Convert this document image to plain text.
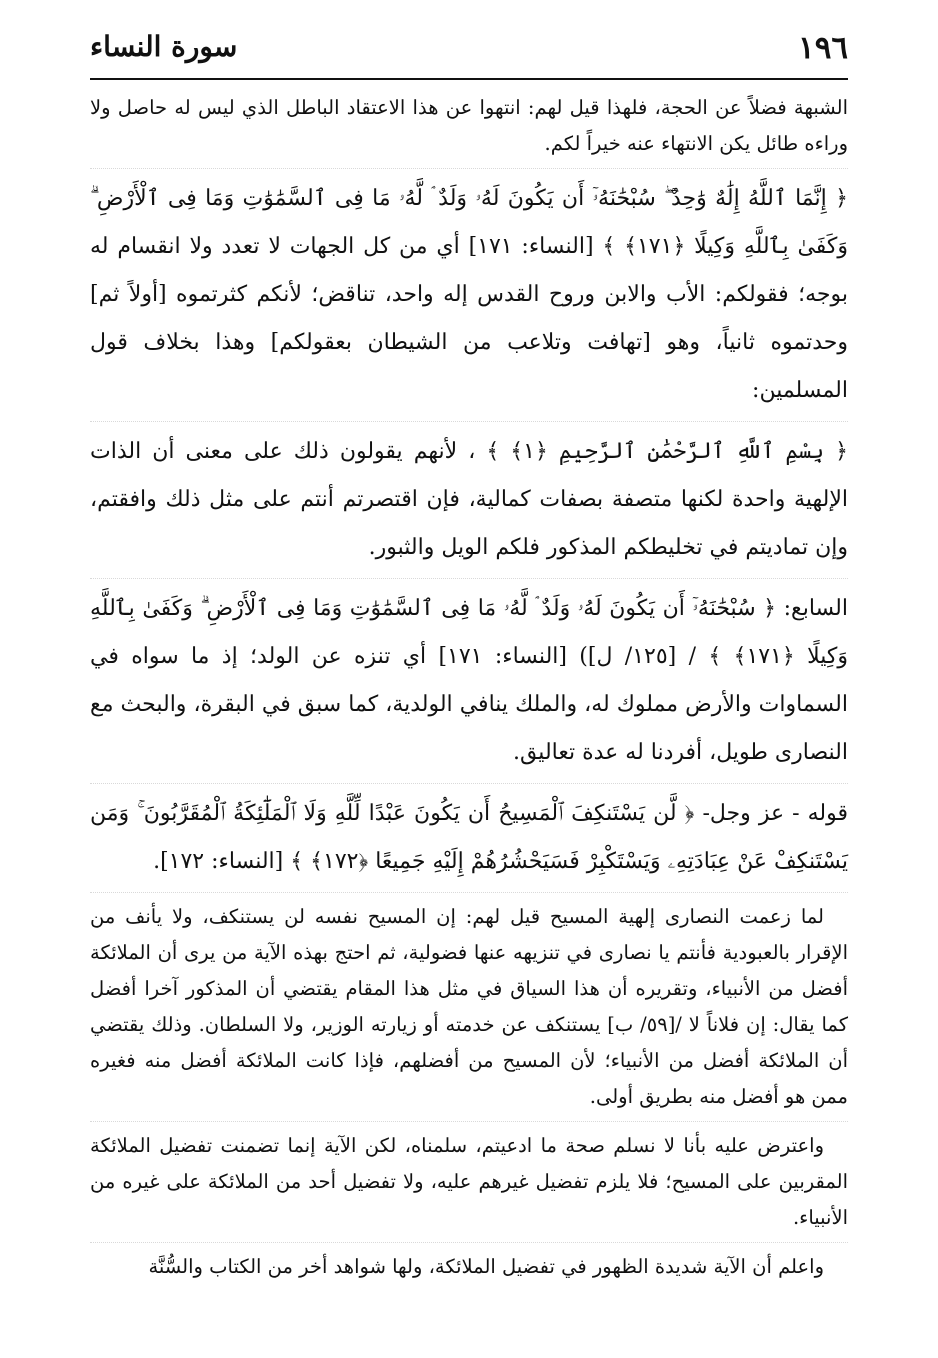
١٩٦
سورة النساء

الشبهة فضلاً عن الحجة، فلهذا قيل لهم: انتهوا عن هذا الاعتقاد الباطل الذي ليس له حاصل ولا وراءه طائل يكن الانتهاء عنه خيراً لكم.

﴿ إِنَّمَا ٱللَّهُ إِلَٰهٌ وَٰحِدٌ ۖ سُبْحَٰنَهُۥٓ أَن يَكُونَ لَهُۥ وَلَدٌ ۘ لَّهُۥ مَا فِى ٱلسَّمَٰوَٰتِ وَمَا فِى ٱلْأَرْضِ ۗ وَكَفَىٰ بِٱللَّهِ وَكِيلًا ﴿١٧١﴾ ﴾ [النساء: ١٧١] أي من كل الجهات لا تعدد ولا انقسام له بوجه؛ فقولكم: الأب والابن وروح القدس إله واحد، تناقض؛ لأنكم كثرتموه [أولاً ثم] وحدتموه ثانياً، وهو [تهافت وتلاعب من الشيطان بعقولكم] وهذا بخلاف قول المسلمين:

﴿ بِسْمِ ٱللَّهِ ٱلرَّحْمَٰنِ ٱلرَّحِيمِ ﴿١﴾ ﴾ ، لأنهم يقولون ذلك على معنى أن الذات الإلهية واحدة لكنها متصفة بصفات كمالية، فإن اقتصرتم أنتم على مثل ذلك وافقتم، وإن تماديتم في تخليطكم المذكور فلكم الويل والثبور.

السابع: ﴿ سُبْحَٰنَهُۥٓ أَن يَكُونَ لَهُۥ وَلَدٌ ۘ لَّهُۥ مَا فِى ٱلسَّمَٰوَٰتِ وَمَا فِى ٱلْأَرْضِ ۗ وَكَفَىٰ بِٱللَّهِ وَكِيلًا ﴿١٧١﴾ ﴾ / [١٢٥/ ل]) [النساء: ١٧١] أي تنزه عن الولد؛ إذ ما سواه في السماوات والأرض مملوك له، والملك ينافي الولدية، كما سبق في البقرة، والبحث مع النصارى طويل، أفردنا له عدة تعاليق.

قوله - عز وجل- ﴿ لَّن يَسْتَنكِفَ ٱلْمَسِيحُ أَن يَكُونَ عَبْدًا لِّلَّهِ وَلَا ٱلْمَلَٰٓئِكَةُ ٱلْمُقَرَّبُونَ ۚ وَمَن يَسْتَنكِفْ عَنْ عِبَادَتِهِۦ وَيَسْتَكْبِرْ فَسَيَحْشُرُهُمْ إِلَيْهِ جَمِيعًا ﴿١٧٢﴾ ﴾ [النساء: ١٧٢].

لما زعمت النصارى إلهية المسيح قيل لهم: إن المسيح نفسه لن يستنكف، ولا يأنف من الإقرار بالعبودية فأنتم يا نصارى في تنزيهه عنها فضولية، ثم احتج بهذه الآية من يرى أن الملائكة أفضل من الأنبياء، وتقريره أن هذا السياق في مثل هذا المقام يقتضي أن المذكور آخرا أفضل كما يقال: إن فلاناً لا /[٥٩/ ب] يستنكف عن خدمته أو زيارته الوزير، ولا السلطان. وذلك يقتضي أن الملائكة أفضل من الأنبياء؛ لأن المسيح من أفضلهم، فإذا كانت الملائكة أفضل منه فغيره ممن هو أفضل منه بطريق أولى.

واعترض عليه بأنا لا نسلم صحة ما ادعيتم، سلمناه، لكن الآية إنما تضمنت تفضيل الملائكة المقربين على المسيح؛ فلا يلزم تفضيل غيرهم عليه، ولا تفضيل أحد من الملائكة على غيره من الأنبياء.

واعلم أن الآية شديدة الظهور في تفضيل الملائكة، ولها شواهد أخر من الكتاب والسُّنَّة
